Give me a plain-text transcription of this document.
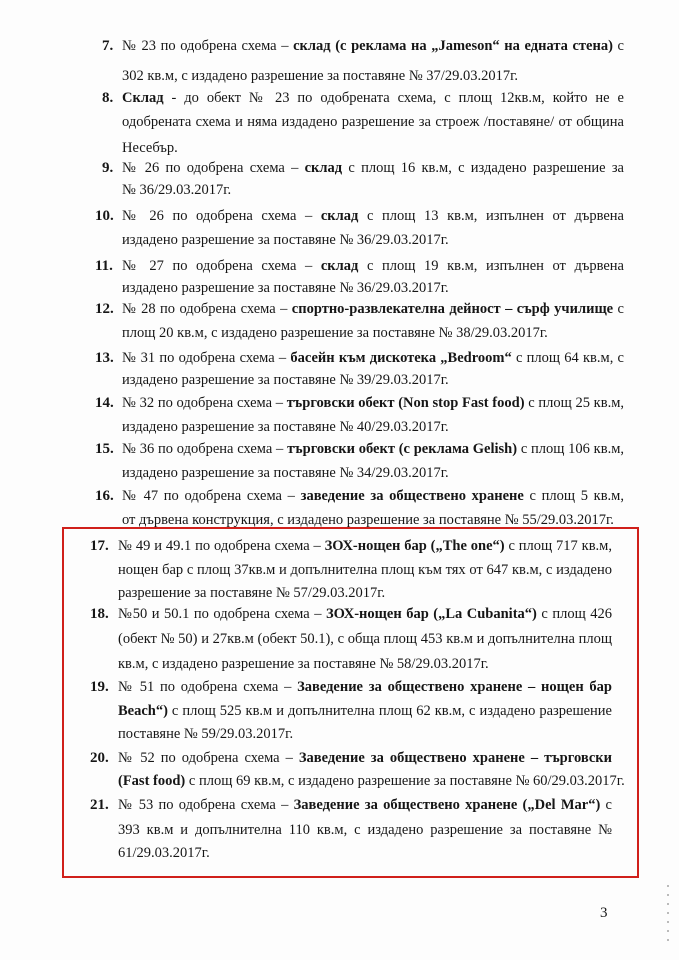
7. № 23 по одобрена схема – склад (с реклама на „Jameson“ на едната стена) с
302 кв.м, с издадено разрешение за поставяне № 37/29.03.2017г.
8. Склад - до обект № 23 по одобрената схема, с площ 12кв.м, който не е
одобрената схема и няма издадено разрешение за строеж /поставяне/ от община
Несебър.
9. № 26 по одобрена схема – склад с площ 16 кв.м, с издадено разрешение за
№ 36/29.03.2017г.
10. № 26 по одобрена схема – склад с площ 13 кв.м, изпълнен от дървена
издадено разрешение за поставяне № 36/29.03.2017г.
11. № 27 по одобрена схема – склад с площ 19 кв.м, изпълнен от дървена
издадено разрешение за поставяне № 36/29.03.2017г.
12. № 28 по одобрена схема – спортно-развлекателна дейност – сърф училище с
площ 20 кв.м, с издадено разрешение за поставяне № 38/29.03.2017г.
13. № 31 по одобрена схема – басейн към дискотека „Bedroom“ с площ 64 кв.м, с
издадено разрешение за поставяне № 39/29.03.2017г.
14. № 32 по одобрена схема – търговски обект (Non stop Fast food) с площ 25 кв.м,
издадено разрешение за поставяне № 40/29.03.2017г.
15. № 36 по одобрена схема – търговски обект (с реклама Gelish) с площ 106 кв.м,
издадено разрешение за поставяне № 34/29.03.2017г.
16. № 47 по одобрена схема – заведение за обществено хранене с площ 5 кв.м,
от дървена конструкция, с издадено разрешение за поставяне № 55/29.03.2017г.
17. № 49 и 49.1 по одобрена схема – ЗОХ-нощен бар („The one“) с площ 717 кв.м,
нощен бар с площ 37кв.м и допълнителна площ към тях от 647 кв.м, с издадено
разрешение за поставяне № 57/29.03.2017г.
18. №50 и 50.1 по одобрена схема – ЗОХ-нощен бар („La Cubanita“) с площ 426
(обект № 50) и 27кв.м (обект 50.1), с обща площ 453 кв.м и допълнителна площ
кв.м, с издадено разрешение за поставяне № 58/29.03.2017г.
19. № 51 по одобрена схема – Заведение за обществено хранене – нощен бар
Beach“) с площ 525 кв.м и допълнителна площ 62 кв.м, с издадено разрешение
поставяне № 59/29.03.2017г.
20. № 52 по одобрена схема – Заведение за обществено хранене – търговски
(Fast food) с площ 69 кв.м, с издадено разрешение за поставяне № 60/29.03.2017г.
21. № 53 по одобрена схема – Заведение за обществено хранене („Del Mar“) с
393 кв.м и допълнителна 110 кв.м, с издадено разрешение за поставяне №
61/29.03.2017г.
3
